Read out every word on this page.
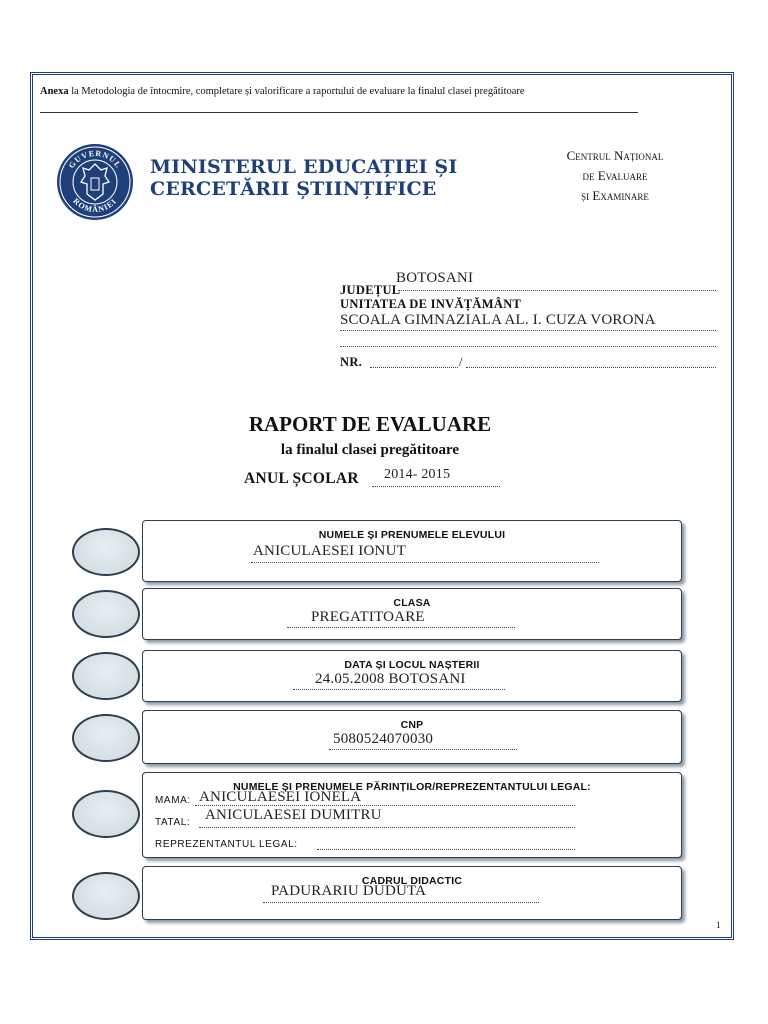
Anexa la Metodologia de întocmire, completare și valorificare a raportului de evaluare la finalul clasei pregătitoare
GUVERNUL
ROMÂNIEI
MINISTERUL EDUCAȚIEI ȘI
CERCETĂRII ȘTIINȚIFICE
Centrul Național
de Evaluare
și Examinare
JUDEȚUL
BOTOSANI
UNITATEA DE INVĂȚĂMÂNT
SCOALA GIMNAZIALA AL. I. CUZA VORONA
NR.	/
RAPORT DE EVALUARE
la finalul clasei pregătitoare
ANUL ȘCOLAR 2014- 2015
NUMELE ȘI PRENUMELE ELEVULUI
ANICULAESEI IONUT
CLASA
PREGATITOARE
DATA ȘI LOCUL NAȘTERII
24.05.2008 BOTOSANI
CNP
5080524070030
NUMELE ȘI PRENUMELE PĂRINȚILOR/REPREZENTANTULUI LEGAL:
MAMA: ANICULAESEI IONELA
TATAL: ANICULAESEI DUMITRU
REPREZENTANTUL LEGAL:
CADRUL DIDACTIC
PADURARIU DUDUTA
1
